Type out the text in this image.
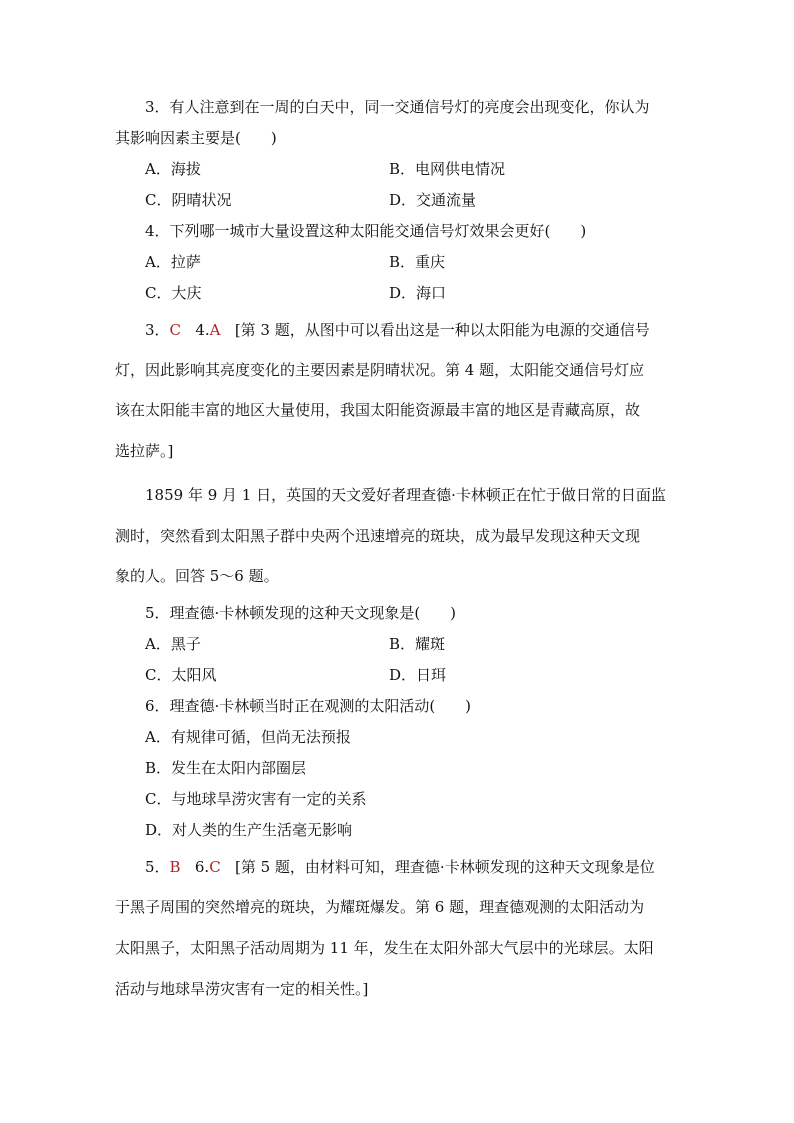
3．有人注意到在一周的白天中，同一交通信号灯的亮度会出现变化，你认为
其影响因素主要是(　　)
A．海拔	B．电网供电情况
C．阴晴状况	D．交通流量
4．下列哪一城市大量设置这种太阳能交通信号灯效果会更好(　　)
A．拉萨	B．重庆
C．大庆	D．海口
3．C 4.A [第 3 题，从图中可以看出这是一种以太阳能为电源的交通信号
灯，因此影响其亮度变化的主要因素是阴晴状况。第 4 题，太阳能交通信号灯应
该在太阳能丰富的地区大量使用，我国太阳能资源最丰富的地区是青藏高原，故
选拉萨。]
1859 年 9 月 1 日，英国的天文爱好者理查德·卡林顿正在忙于做日常的日面监
测时，突然看到太阳黑子群中央两个迅速增亮的斑块，成为最早发现这种天文现
象的人。回答 5～6 题。
5．理查德·卡林顿发现的这种天文现象是(　　)
A．黑子	B．耀斑
C．太阳风	D．日珥
6．理查德·卡林顿当时正在观测的太阳活动(　　)
A．有规律可循，但尚无法预报
B．发生在太阳内部圈层
C．与地球旱涝灾害有一定的关系
D．对人类的生产生活毫无影响
5．B 6.C [第 5 题，由材料可知，理查德·卡林顿发现的这种天文现象是位
于黑子周围的突然增亮的斑块，为耀斑爆发。第 6 题，理查德观测的太阳活动为
太阳黑子，太阳黑子活动周期为 11 年，发生在太阳外部大气层中的光球层。太阳
活动与地球旱涝灾害有一定的相关性。]
